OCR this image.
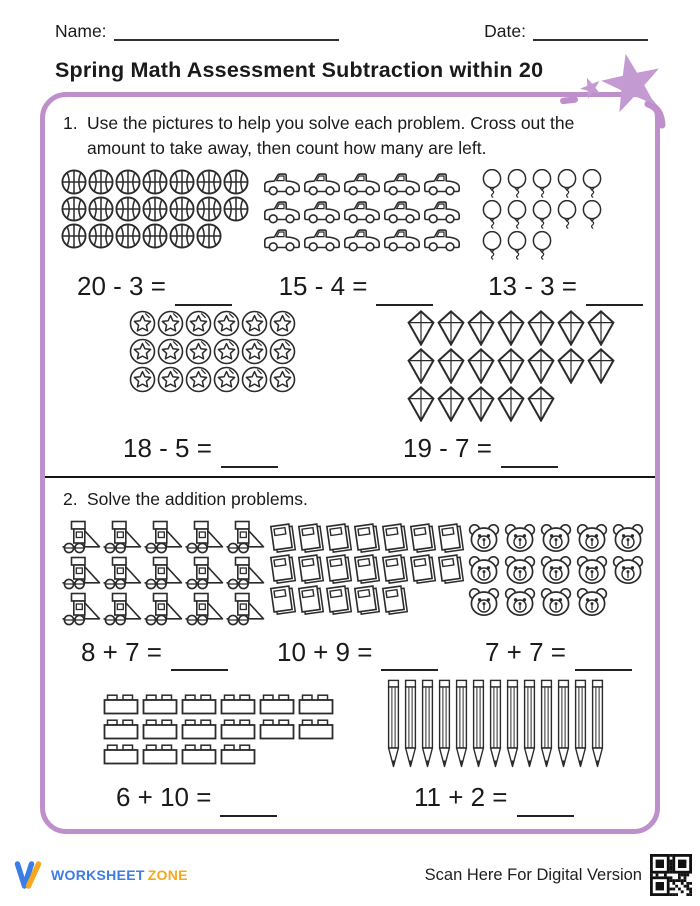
Name:	Date:
Spring Math Assessment Subtraction within 20
1. Use the pictures to help you solve each problem. Cross out the amount to take away, then count how many are left.
20 - 3 =	15 - 4 =	13 - 3 =
18 - 5 =	19 - 7 =
2. Solve the addition problems.
8 + 7 =	10 + 9 =	7 + 7 =
6 + 10 =	11 + 2 =
WORKSHEET ZONE	Scan Here For Digital Version
